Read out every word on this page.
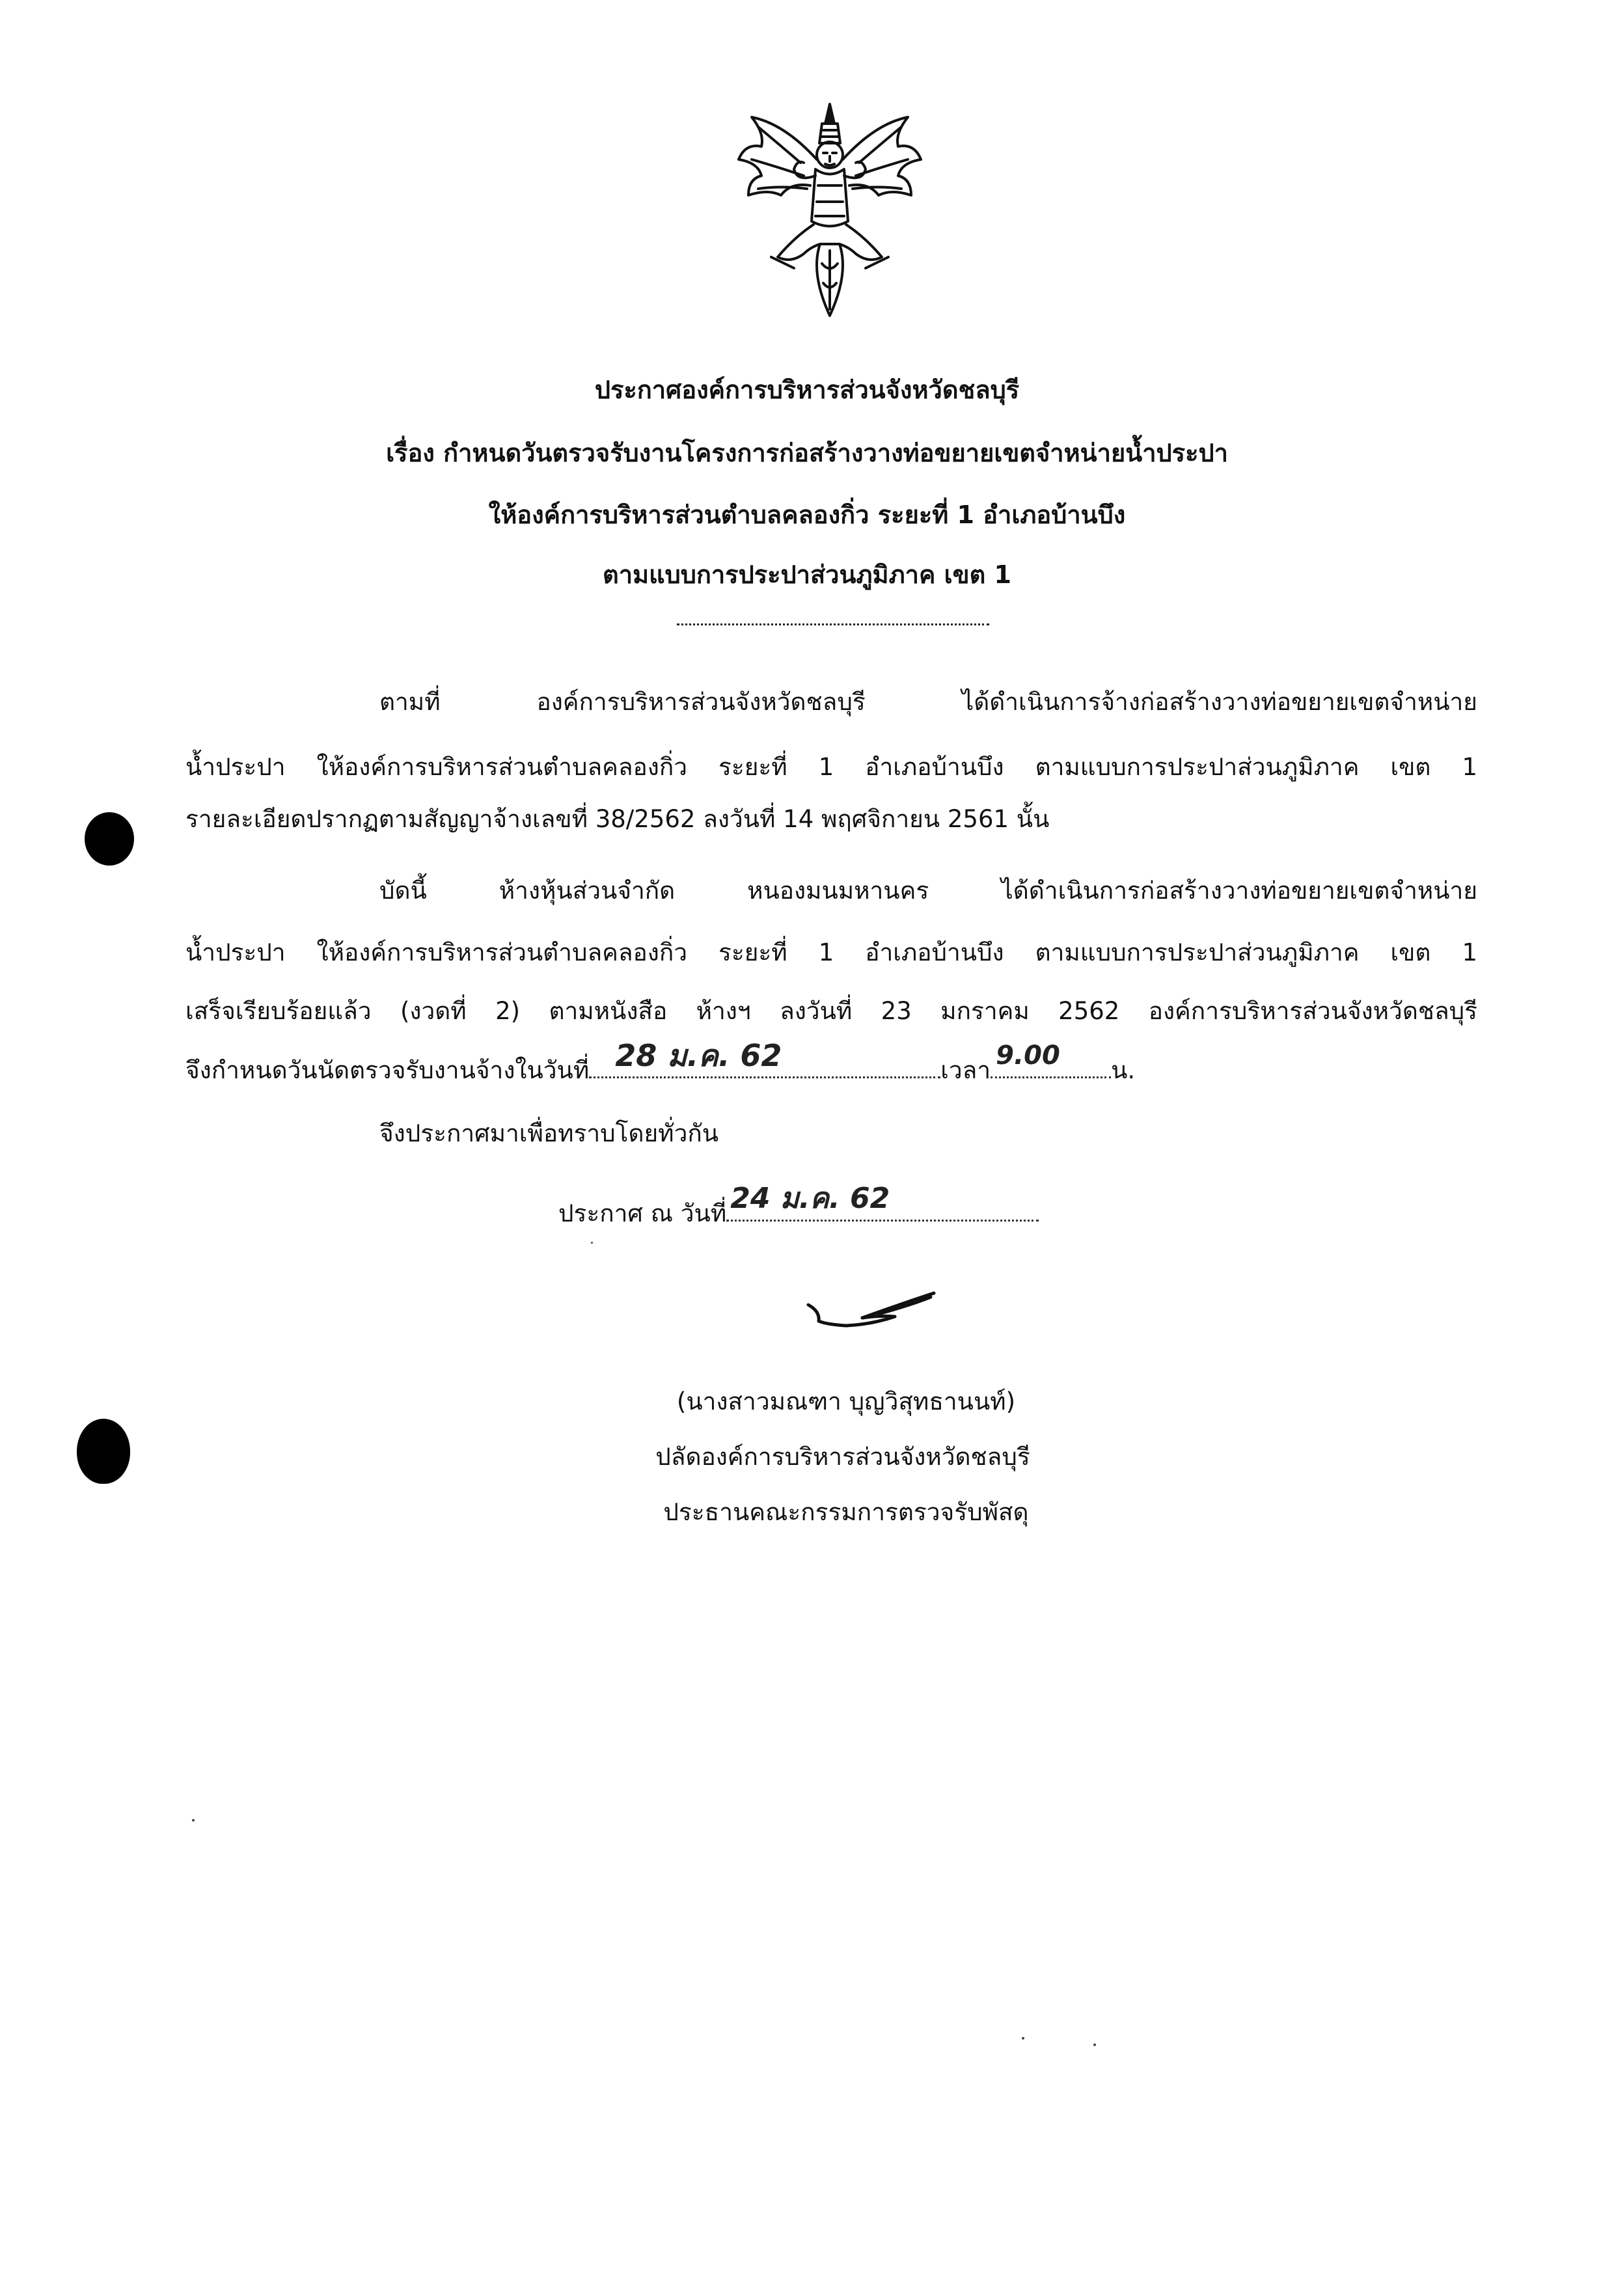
ประกาศองค์การบริหารส่วนจังหวัดชลบุรี
เรื่อง กำหนดวันตรวจรับงานโครงการก่อสร้างวางท่อขยายเขตจำหน่ายน้ำประปา
ให้องค์การบริหารส่วนตำบลคลองกิ่ว ระยะที่ 1 อำเภอบ้านบึง
ตามแบบการประปาส่วนภูมิภาค เขต 1
ตามที่ องค์การบริหารส่วนจังหวัดชลบุรี ได้ดำเนินการจ้างก่อสร้างวางท่อขยายเขตจำหน่าย
น้ำประปา ให้องค์การบริหารส่วนตำบลคลองกิ่ว ระยะที่ 1 อำเภอบ้านบึง ตามแบบการประปาส่วนภูมิภาค เขต 1
รายละเอียดปรากฏตามสัญญาจ้างเลขที่ 38/2562 ลงวันที่ 14 พฤศจิกายน 2561 นั้น
บัดนี้ ห้างหุ้นส่วนจำกัด หนองมนมหานคร ได้ดำเนินการก่อสร้างวางท่อขยายเขตจำหน่าย
น้ำประปา ให้องค์การบริหารส่วนตำบลคลองกิ่ว ระยะที่ 1 อำเภอบ้านบึง ตามแบบการประปาส่วนภูมิภาค เขต 1
เสร็จเรียบร้อยแล้ว (งวดที่ 2) ตามหนังสือ ห้างฯ ลงวันที่ 23 มกราคม 2562 องค์การบริหารส่วนจังหวัดชลบุรี
จึงกำหนดวันนัดตรวจรับงานจ้างในวันที่ 28 ม.ค. 62	เวลา 9.00 น.
จึงประกาศมาเพื่อทราบโดยทั่วกัน
ประกาศ ณ วันที่ 24 ม.ค. 62
(นางสาวมณฑา บุญวิสุทธานนท์)
ปลัดองค์การบริหารส่วนจังหวัดชลบุรี
ประธานคณะกรรมการตรวจรับพัสดุ
